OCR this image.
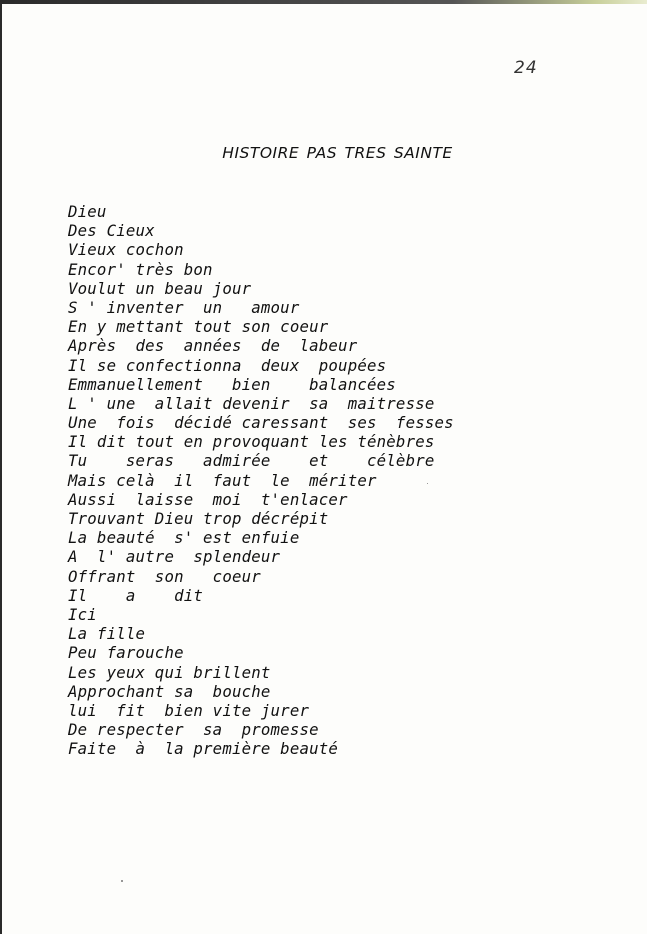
24
HISTOIRE PAS TRES SAINTE
Dieu
Des Cieux
Vieux cochon
Encor' très bon
Voulut un beau jour
S ' inventer  un   amour
En y mettant tout son coeur
Après  des  années  de  labeur
Il se confectionna  deux  poupées
Emmanuellement   bien    balancées
L ' une  allait devenir  sa  maitresse
Une  fois  décidé caressant  ses  fesses
Il dit tout en provoquant les ténèbres
Tu    seras   admirée    et    célèbre
Mais celà  il  faut  le  mériter
Aussi  laisse  moi  t'enlacer
Trouvant Dieu trop décrépit
La beauté  s' est enfuie
A  l' autre  splendeur
Offrant  son   coeur
Il    a    dit
Ici
La fille
Peu farouche
Les yeux qui brillent
Approchant sa  bouche
lui  fit  bien vite jurer
De respecter  sa  promesse
Faite  à  la première beauté
